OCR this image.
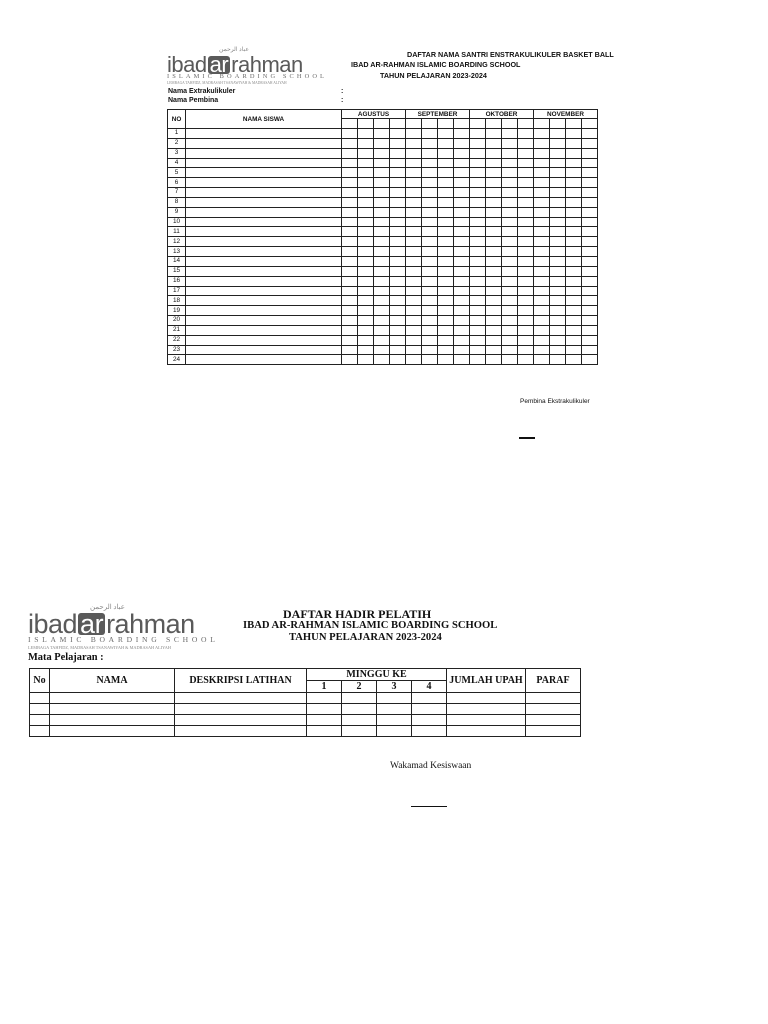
ibad ar rahman
عباد الرحمن
ISLAMIC BOARDING SCHOOL
LEMBAGA TAHFIDZ, MADRASAH TSANAWIYAH & MADRASAH ALIYAH
DAFTAR NAMA SANTRI ENSTRAKULIKULER BASKET BALL
IBAD AR-RAHMAN ISLAMIC BOARDING SCHOOL
TAHUN PELAJARAN 2023-2024
Nama Extrakulikuler	:
Nama Pembina	:
NO	NAMA SISWA	AGUSTUS				SEPTEMBER				OKTOBER				NOVEMBER			

1																	
2																	
3																	
4																	
5																	
6																	
7																	
8																	
9																	
10																	
11																	
12																	
13																	
14																	
15																	
16																	
17																	
18																	
19																	
20																	
21																	
22																	
23																	
24																	
Pembina Ekstrakulikuler
ibad ar rahman
عباد الرحمن
ISLAMIC BOARDING SCHOOL
LEMBAGA TAHFIDZ, MADRASAH TSANAWIYAH & MADRASAH ALIYAH
DAFTAR HADIR PELATIH
IBAD AR-RAHMAN ISLAMIC BOARDING SCHOOL
TAHUN PELAJARAN 2023-2024
Mata Pelajaran :
No	NAMA	DESKRIPSI LATIHAN	MINGGU KE				JUMLAH UPAH	PARAF
			1	2	3	4		

Wakamad Kesiswaan
